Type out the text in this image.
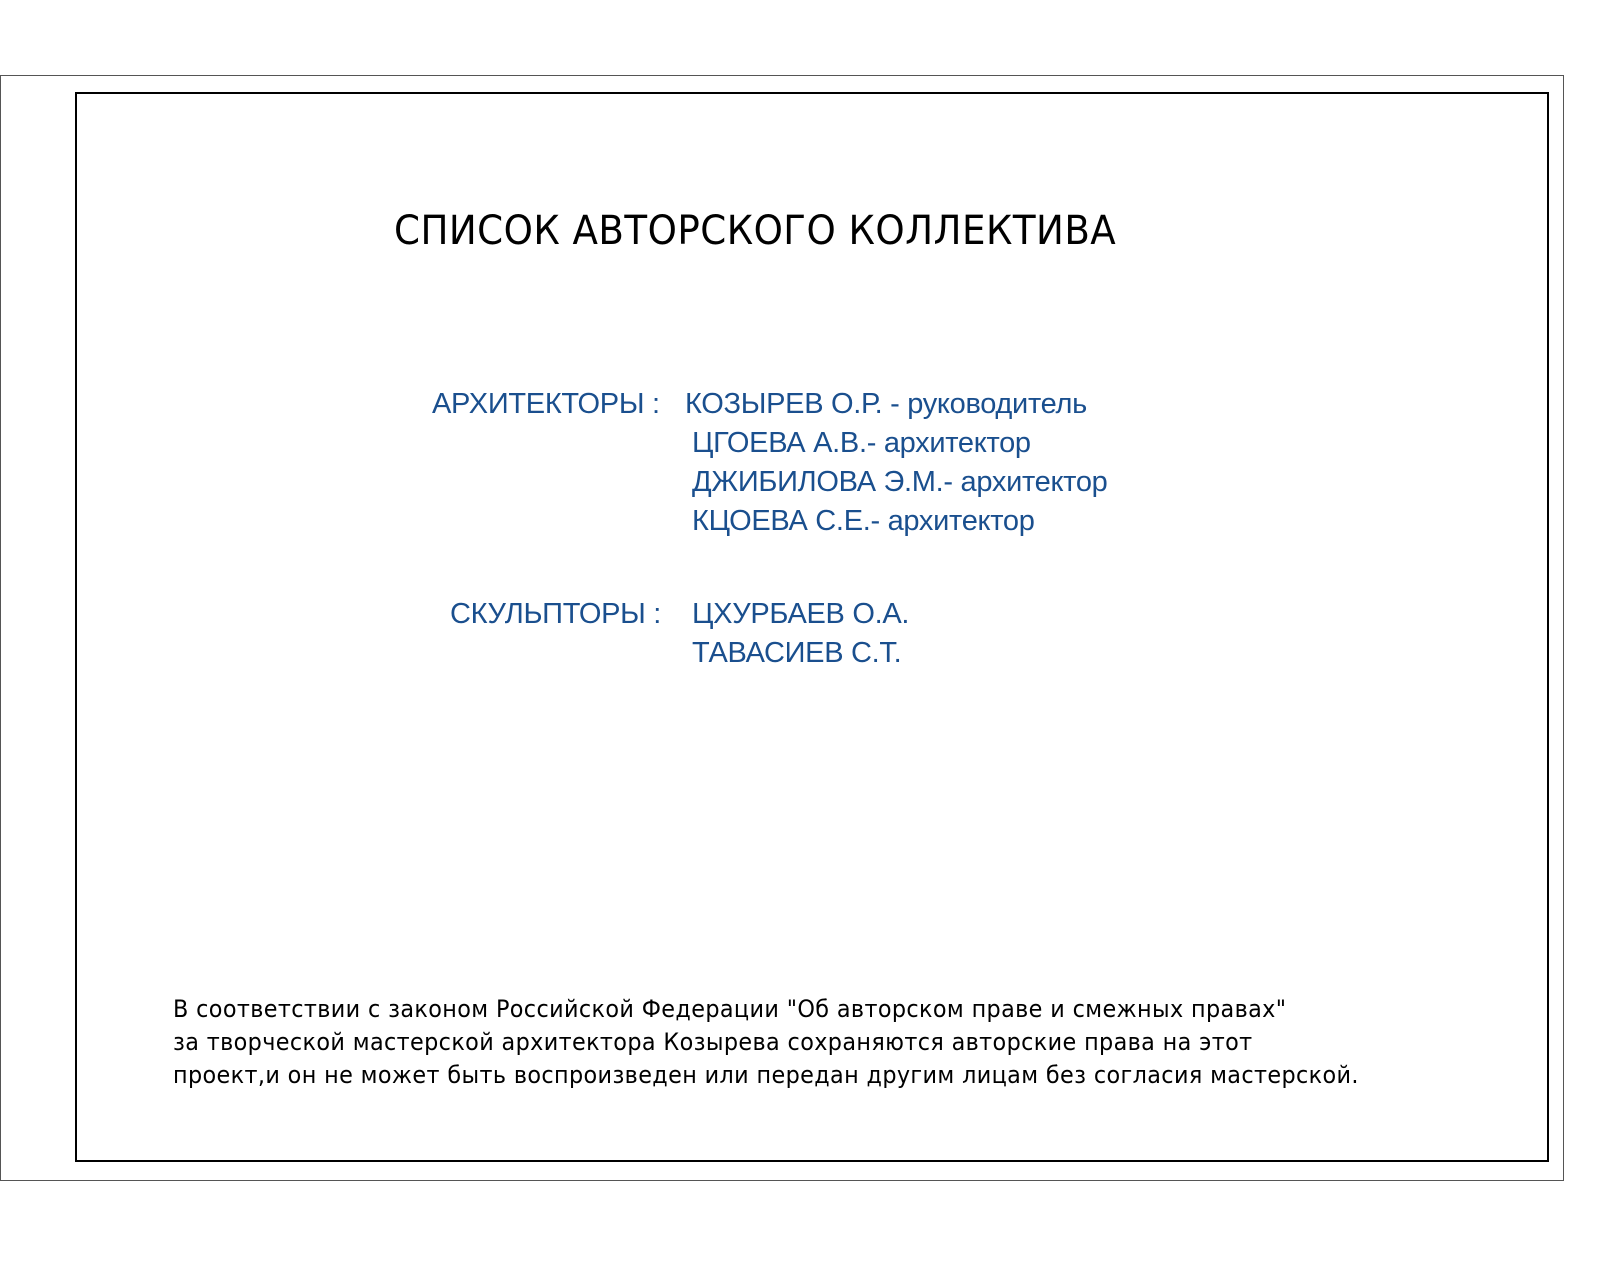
СПИСОК АВТОРСКОГО КОЛЛЕКТИВА
АРХИТЕКТОРЫ : КОЗЫРЕВ О.Р. - руководитель
ЦГОЕВА А.В.- архитектор
ДЖИБИЛОВА Э.М.- архитектор
КЦОЕВА С.Е.- архитектор
СКУЛЬПТОРЫ : ЦХУРБАЕВ О.А.
ТАВАСИЕВ С.Т.
В соответствии с законом Российской Федерации "Об авторском праве и смежных правах"
за творческой мастерской архитектора Козырева сохраняются авторские права на этот
проект,и он не может быть воспроизведен или передан другим лицам без согласия мастерской.
